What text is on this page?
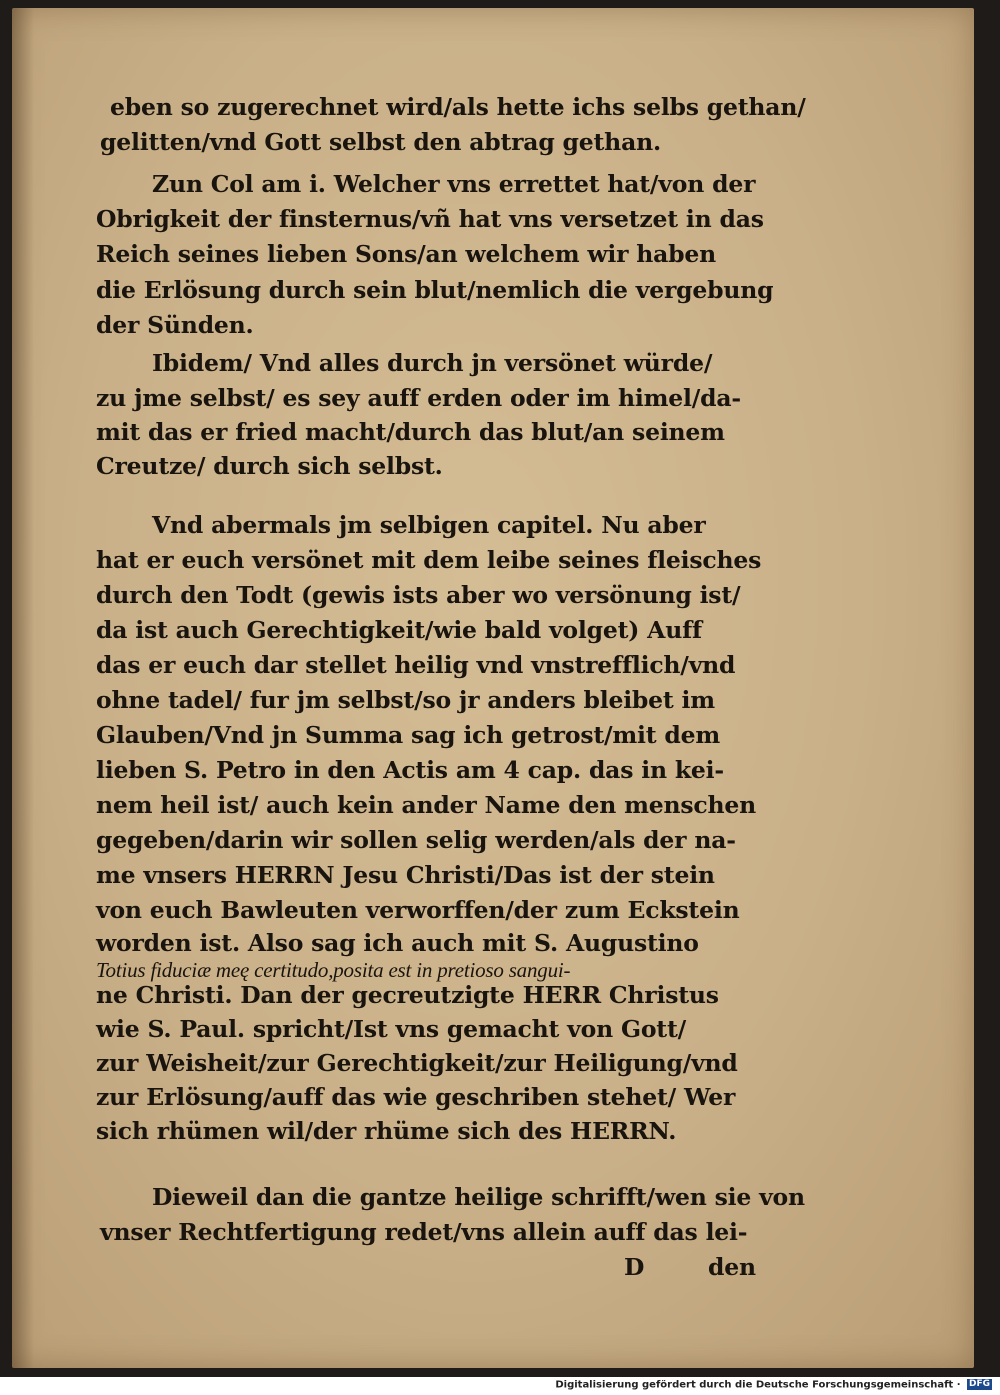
eben so zugerechnet wird/als hette ichs selbs gethan/
gelitten/vnd Gott selbst den abtrag gethan.
Zun Col am i. Welcher vns errettet hat/von der
Obrigkeit der finsternus/vñ hat vns versetzet in das
Reich seines lieben Sons/an welchem wir haben
die Erlösung durch sein blut/nemlich die vergebung
der Sünden.
Ibidem/ Vnd alles durch jn versönet würde/
zu jme selbst/ es sey auff erden oder im himel/da-
mit das er fried macht/durch das blut/an seinem
Creutze/ durch sich selbst.
Vnd abermals jm selbigen capitel. Nu aber
hat er euch versönet mit dem leibe seines fleisches
durch den Todt (gewis ists aber wo versönung ist/
da ist auch Gerechtigkeit/wie bald volget) Auff
das er euch dar stellet heilig vnd vnstrefflich/vnd
ohne tadel/ fur jm selbst/so jr anders bleibet im
Glauben/Vnd jn Summa sag ich getrost/mit dem
lieben S. Petro in den Actis am 4 cap. das in kei-
nem heil ist/ auch kein ander Name den menschen
gegeben/darin wir sollen selig werden/als der na-
me vnsers HERRN Jesu Christi/Das ist der stein
von euch Bawleuten verworffen/der zum Eckstein
worden ist. Also sag ich auch mit S. Augustino
Totius fiduciæ meę certitudo,posita est in pretioso sangui-
ne Christi. Dan der gecreutzigte HERR Christus
wie S. Paul. spricht/Ist vns gemacht von Gott/
zur Weisheit/zur Gerechtigkeit/zur Heiligung/vnd
zur Erlösung/auff das wie geschriben stehet/ Wer
sich rhümen wil/der rhüme sich des HERRN.
Dieweil dan die gantze heilige schrifft/wen sie von
vnser Rechtfertigung redet/vns allein auff das lei-
D	den
Digitalisierung gefördert durch die Deutsche Forschungsgemeinschaft · DFG
